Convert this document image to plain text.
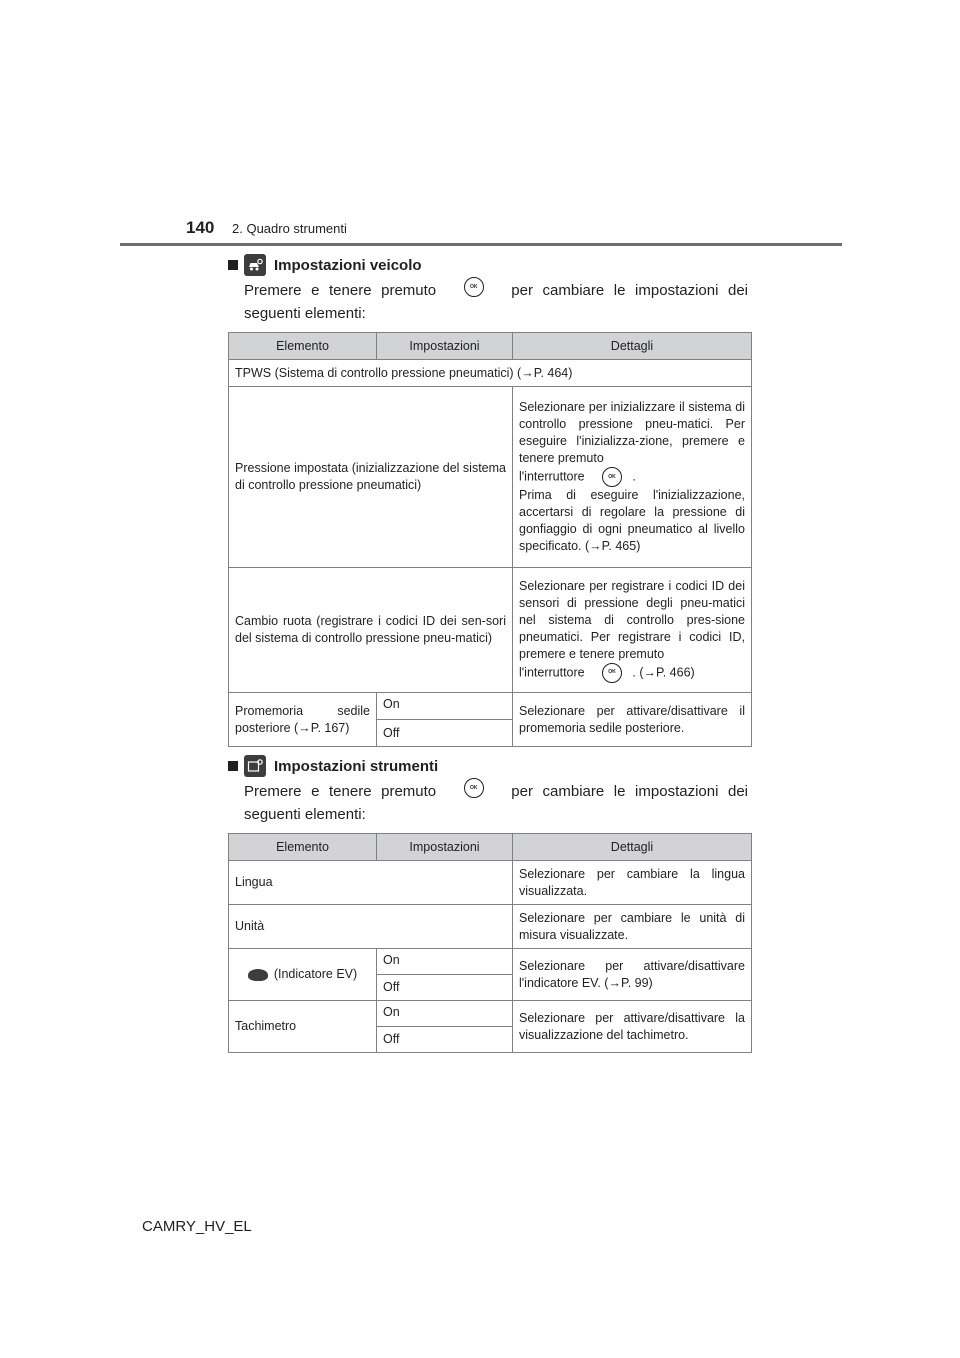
140 2. Quadro strumenti
Impostazioni veicolo
Premere e tenere premuto	OK	per cambiare le impostazioni dei seguenti elementi:
Elemento	Impostazioni	Dettagli
TPWS (Sistema di controllo pressione pneumatici) (→P. 464)		
Pressione impostata (inizializzazione del sistema di controllo pressione pneumatici)		Selezionare per inizializzare il sistema di controllo pressione pneu-matici. Per eseguire l'inizializza-zione, premere e tenere premuto
l'interruttore OK .
Prima di eseguire l'inizializzazione, accertarsi di regolare la pressione di gonfiaggio di ogni pneumatico al livello specificato. (→P. 465)
Cambio ruota (registrare i codici ID dei sen-sori del sistema di controllo pressione pneu-matici)		Selezionare per registrare i codici ID dei sensori di pressione degli pneu-matici nel sistema di controllo pres-sione pneumatici. Per registrare i codici ID, premere e tenere premuto
l'interruttore OK . (→P. 466)
Promemoria sedile posteriore (→P. 167)	On	Selezionare per attivare/disattivare il promemoria sedile posteriore.
	Off	
Impostazioni strumenti
Premere e tenere premuto	OK	per cambiare le impostazioni dei seguenti elementi:
Elemento	Impostazioni	Dettagli
Lingua		Selezionare per cambiare la lingua visualizzata.
Unità		Selezionare per cambiare le unità di misura visualizzate.
(Indicatore EV)	On	Selezionare per attivare/disattivare l'indicatore EV. (→P. 99)
	Off	
Tachimetro	On	Selezionare per attivare/disattivare la visualizzazione del tachimetro.
	Off	
CAMRY_HV_EL
